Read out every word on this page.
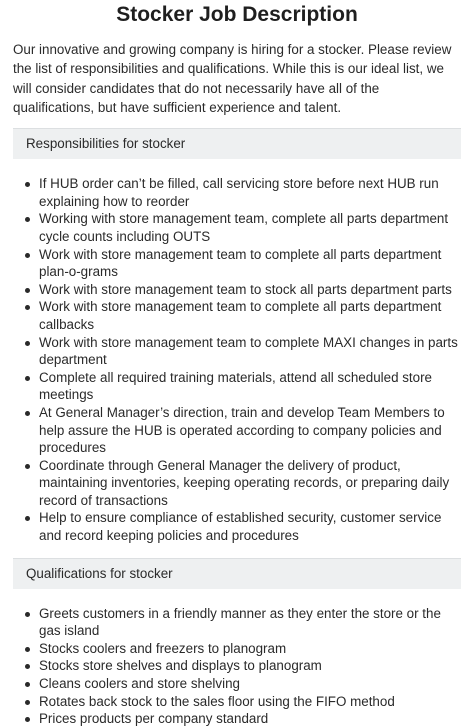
Stocker Job Description

Our innovative and growing company is hiring for a stocker. Please review the list of responsibilities and qualifications. While this is our ideal list, we will consider candidates that do not necessarily have all of the qualifications, but have sufficient experience and talent.

Responsibilities for stocker
If HUB order can’t be filled, call servicing store before next HUB run explaining how to reorder
Working with store management team, complete all parts department cycle counts including OUTS
Work with store management team to complete all parts department plan-o-grams
Work with store management team to stock all parts department parts
Work with store management team to complete all parts department callbacks
Work with store management team to complete MAXI changes in parts department
Complete all required training materials, attend all scheduled store meetings
At General Manager’s direction, train and develop Team Members to help assure the HUB is operated according to company policies and procedures
Coordinate through General Manager the delivery of product, maintaining inventories, keeping operating records, or preparing daily record of transactions
Help to ensure compliance of established security, customer service and record keeping policies and procedures
Qualifications for stocker
Greets customers in a friendly manner as they enter the store or the gas island
Stocks coolers and freezers to planogram
Stocks store shelves and displays to planogram
Cleans coolers and store shelving
Rotates back stock to the sales floor using the FIFO method
Prices products per company standard
